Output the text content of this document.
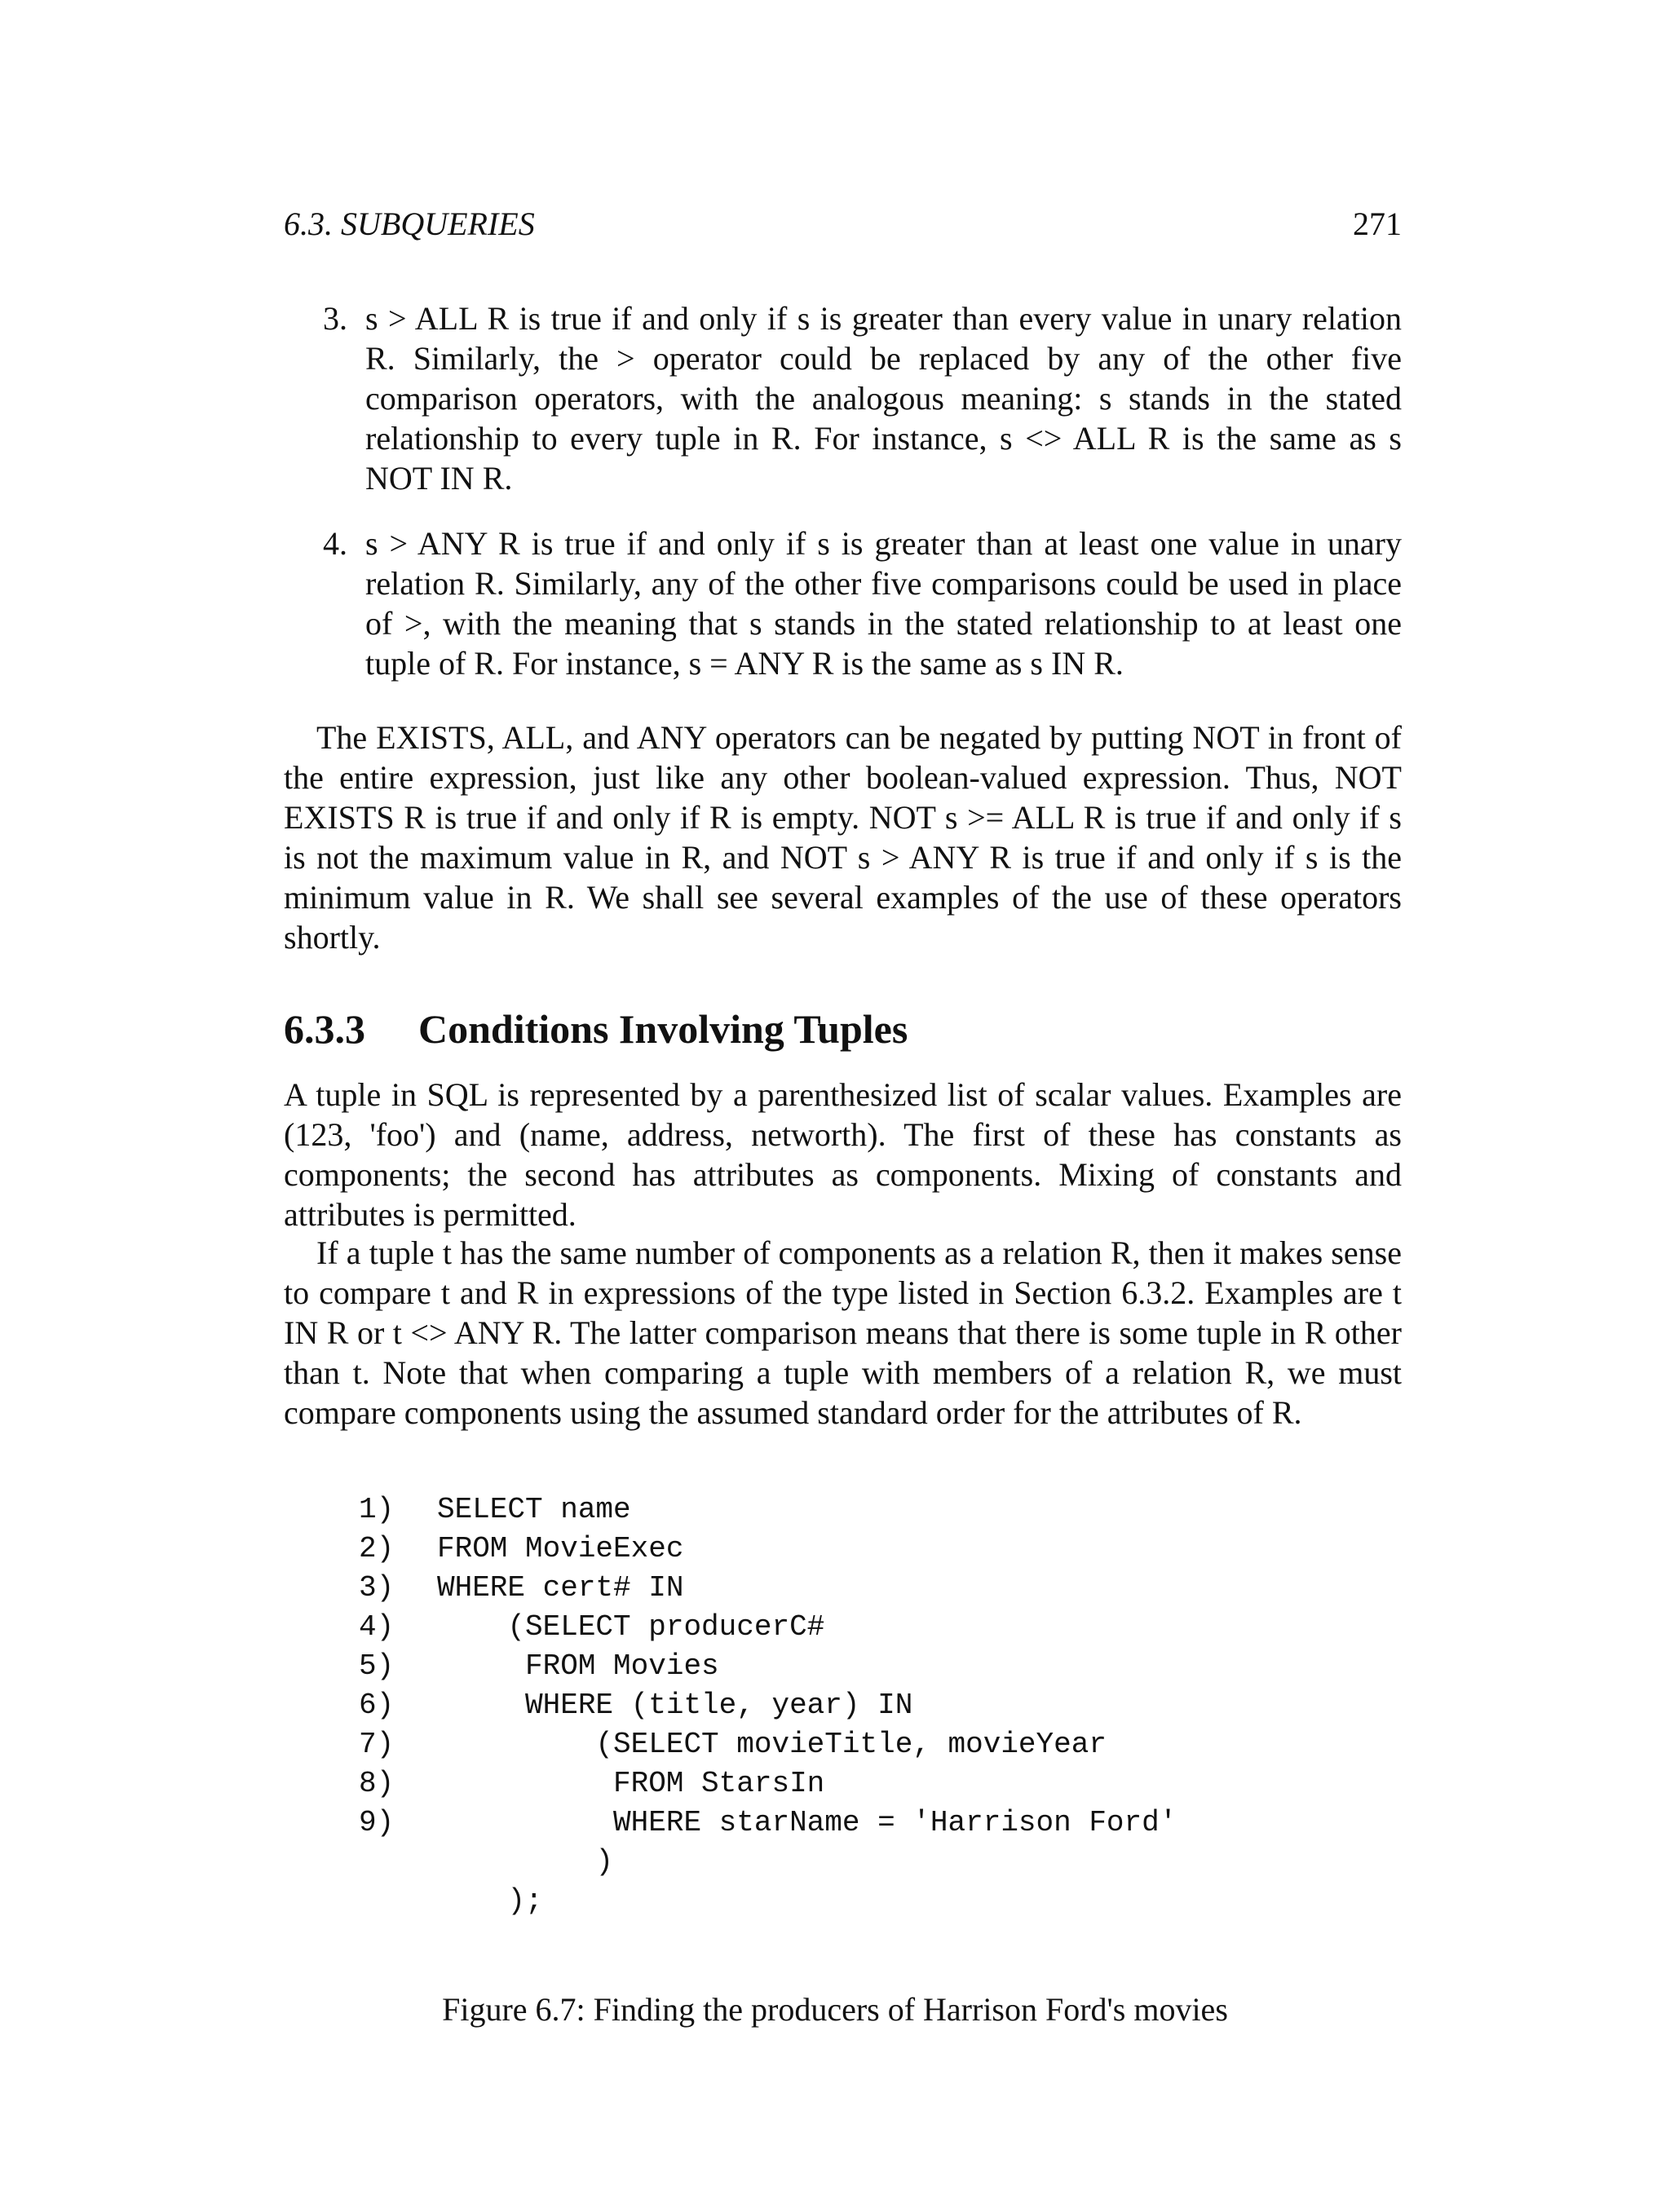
6.3. SUBQUERIES	271
3. s > ALL R is true if and only if s is greater than every value in unary relation R. Similarly, the > operator could be replaced by any of the other five comparison operators, with the analogous meaning: s stands in the stated relationship to every tuple in R. For instance, s <> ALL R is the same as s NOT IN R.
4. s > ANY R is true if and only if s is greater than at least one value in unary relation R. Similarly, any of the other five comparisons could be used in place of >, with the meaning that s stands in the stated relationship to at least one tuple of R. For instance, s = ANY R is the same as s IN R.
The EXISTS, ALL, and ANY operators can be negated by putting NOT in front of the entire expression, just like any other boolean-valued expression. Thus, NOT EXISTS R is true if and only if R is empty. NOT s >= ALL R is true if and only if s is not the maximum value in R, and NOT s > ANY R is true if and only if s is the minimum value in R. We shall see several examples of the use of these operators shortly.
6.3.3 Conditions Involving Tuples
A tuple in SQL is represented by a parenthesized list of scalar values. Examples are (123, 'foo') and (name, address, networth). The first of these has constants as components; the second has attributes as components. Mixing of constants and attributes is permitted.
If a tuple t has the same number of components as a relation R, then it makes sense to compare t and R in expressions of the type listed in Section 6.3.2. Examples are t IN R or t <> ANY R. The latter comparison means that there is some tuple in R other than t. Note that when comparing a tuple with members of a relation R, we must compare components using the assumed standard order for the attributes of R.
1) SELECT name
2) FROM MovieExec
3) WHERE cert# IN
4)    (SELECT producerC#
5)     FROM Movies
6)     WHERE (title, year) IN
7)         (SELECT movieTitle, movieYear
8)          FROM StarsIn
9)          WHERE starName = 'Harrison Ford'
)
);
Figure 6.7: Finding the producers of Harrison Ford's movies
